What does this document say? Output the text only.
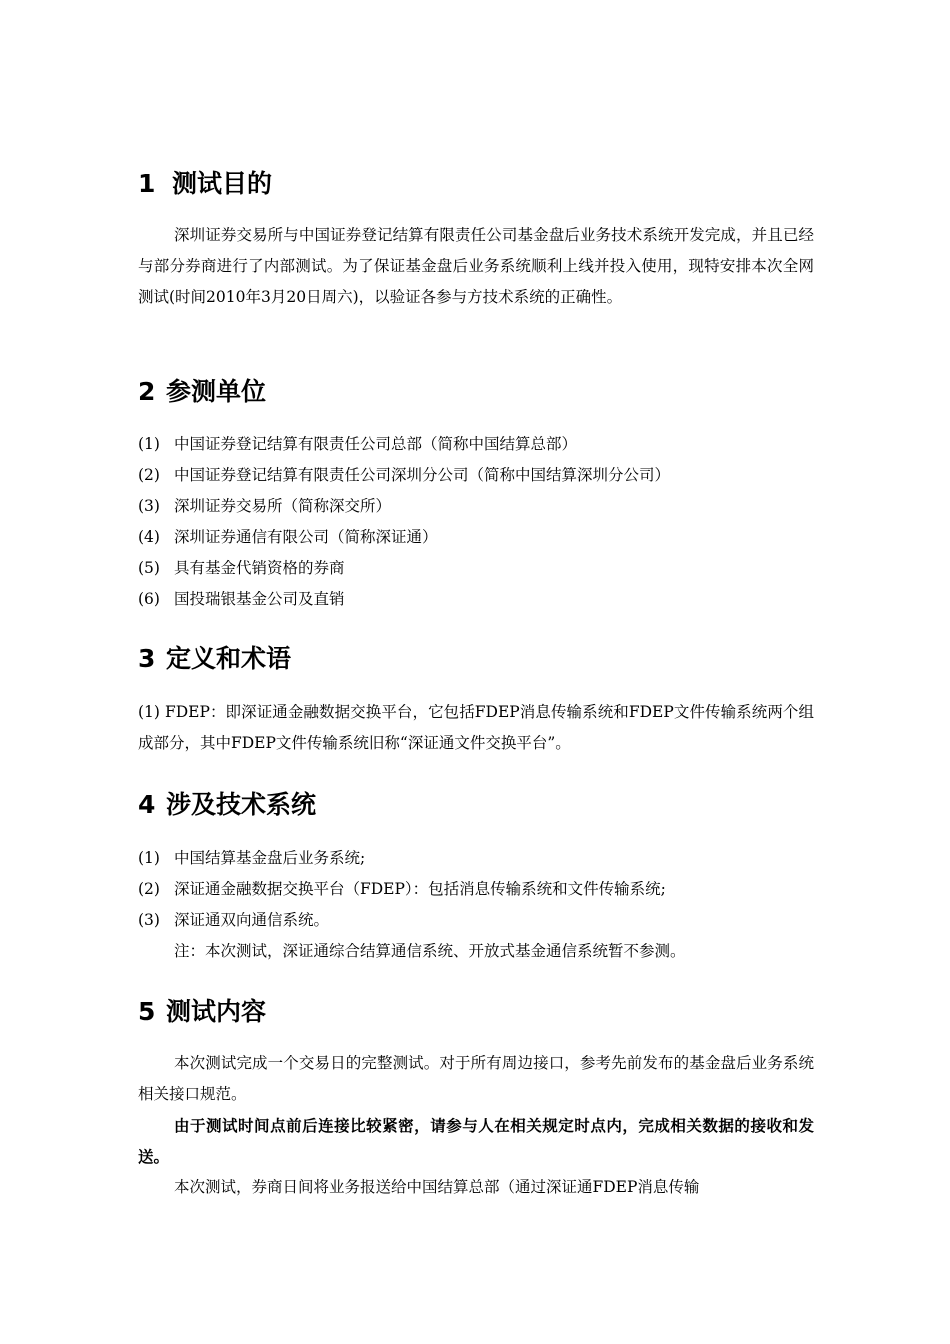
1 测试目的

深圳证券交易所与中国证券登记结算有限责任公司基金盘后业务技术系统开发完成，并且已经与部分券商进行了内部测试。为了保证基金盘后业务系统顺利上线并投入使用，现特安排本次全网测试(时间2010年3月20日周六)，以验证各参与方技术系统的正确性。

2 参测单位
(1) 中国证券登记结算有限责任公司总部（简称中国结算总部）
(2) 中国证券登记结算有限责任公司深圳分公司（简称中国结算深圳分公司）
(3) 深圳证券交易所（简称深交所）
(4) 深圳证券通信有限公司（简称深证通）
(5) 具有基金代销资格的券商
(6) 国投瑞银基金公司及直销
3 定义和术语

(1) FDEP：即深证通金融数据交换平台，它包括FDEP消息传输系统和FDEP文件传输系统两个组成部分，其中FDEP文件传输系统旧称“深证通文件交换平台”。

4 涉及技术系统
(1) 中国结算基金盘后业务系统;
(2) 深证通金融数据交换平台（FDEP）：包括消息传输系统和文件传输系统;
(3) 深证通双向通信系统。
注：本次测试，深证通综合结算通信系统、开放式基金通信系统暂不参测。
5 测试内容

本次测试完成一个交易日的完整测试。对于所有周边接口，参考先前发布的基金盘后业务系统相关接口规范。

由于测试时间点前后连接比较紧密，请参与人在相关规定时点内，完成相关数据的接收和发送。

本次测试，券商日间将业务报送给中国结算总部（通过深证通FDEP消息传输
